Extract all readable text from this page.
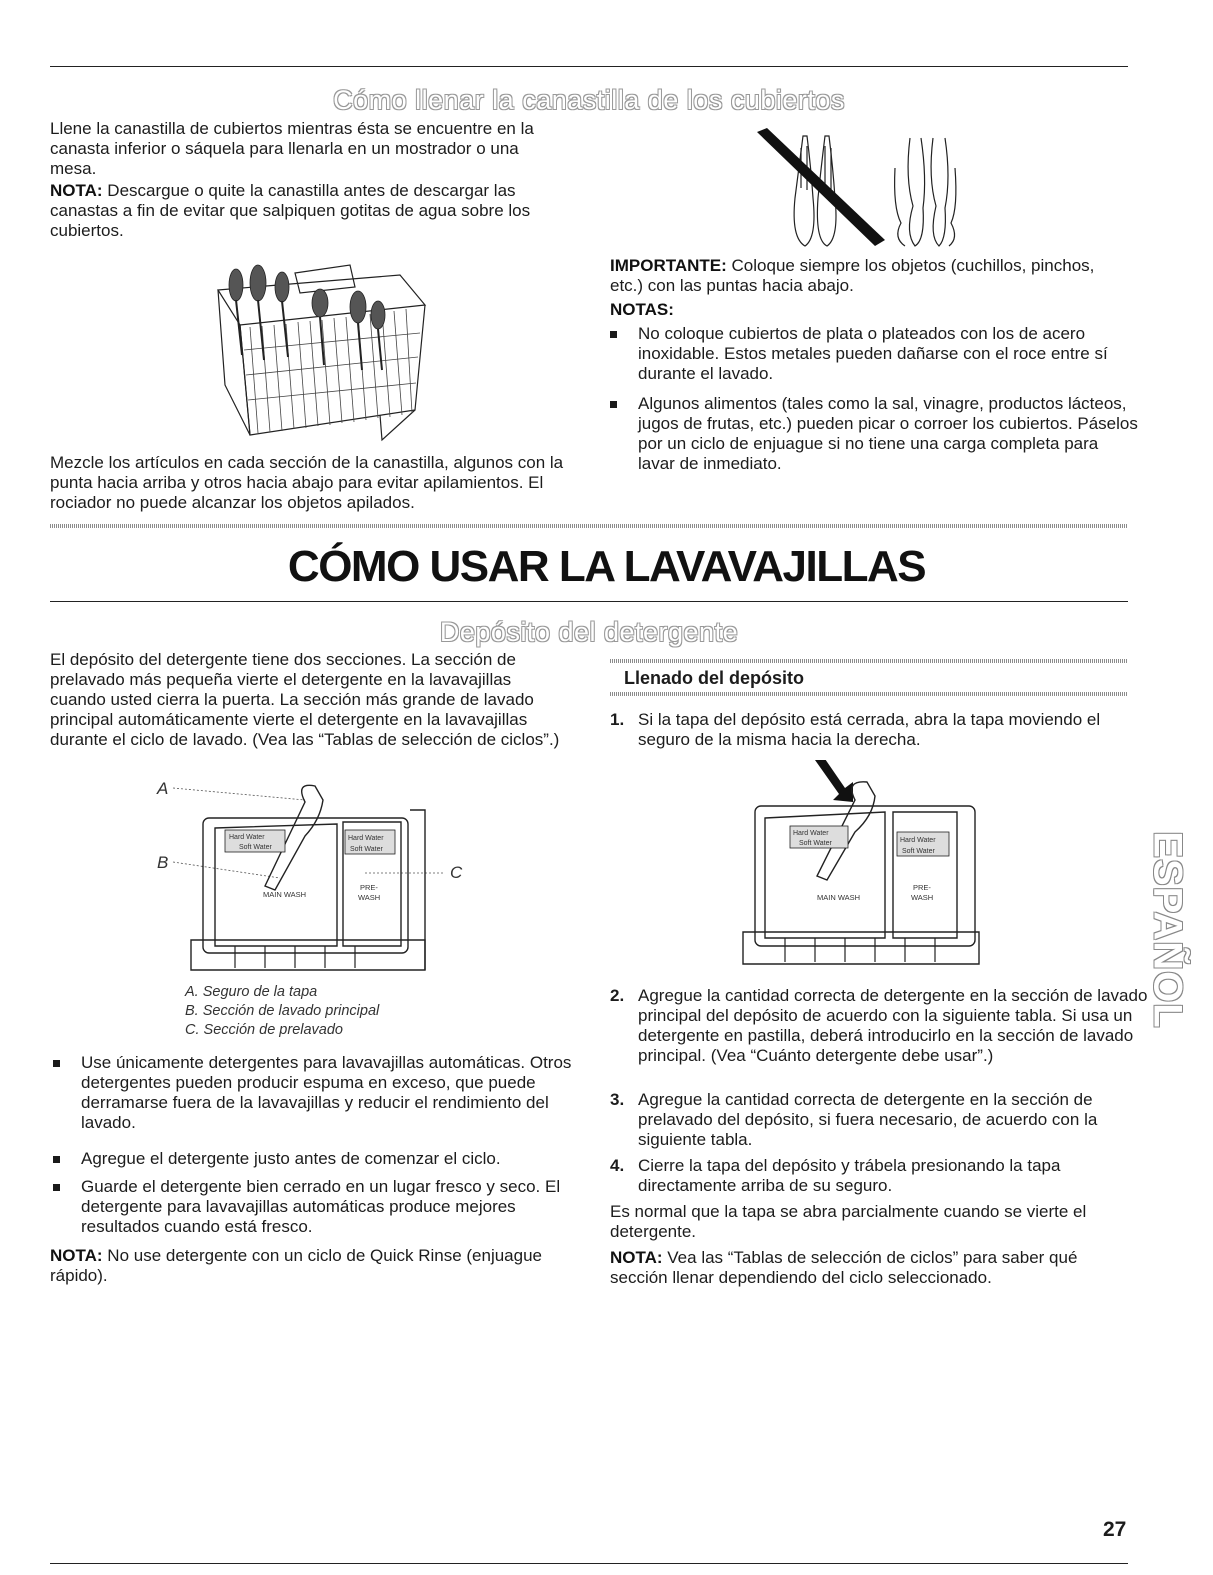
Cómo llenar la canastilla de los cubiertos

Llene la canastilla de cubiertos mientras ésta se encuentre en la canasta inferior o sáquela para llenarla en un mostrador o una mesa.

NOTA: Descargue o quite la canastilla antes de descargar las canastas a fin de evitar que salpiquen gotitas de agua sobre los cubiertos.

Mezcle los artículos en cada sección de la canastilla, algunos con la punta hacia arriba y otros hacia abajo para evitar apilamientos. El rociador no puede alcanzar los objetos apilados.

IMPORTANTE: Coloque siempre los objetos (cuchillos, pinchos, etc.) con las puntas hacia abajo.

NOTAS:

No coloque cubiertos de plata o plateados con los de acero inoxidable. Estos metales pueden dañarse con el roce entre sí durante el lavado.
Algunos alimentos (tales como la sal, vinagre, productos lácteos, jugos de frutas, etc.) pueden picar o corroer los cubiertos. Páselos por un ciclo de enjuague si no tiene una carga completa para lavar de inmediato.
CÓMO USAR LA LAVAVAJILLAS
Depósito del detergente

El depósito del detergente tiene dos secciones. La sección de prelavado más pequeña vierte el detergente en la lavavajillas cuando usted cierra la puerta. La sección más grande de lavado principal automáticamente vierte el detergente en la lavavajillas durante el ciclo de lavado. (Vea las “Tablas de selección de ciclos”.)

A
B
C
Hard Water
Soft Water
Hard Water
Soft Water
MAIN WASH
PRE-
WASH
A. Seguro de la tapa
B. Sección de lavado principal
C. Sección de prelavado
Use únicamente detergentes para lavavajillas automáticas. Otros detergentes pueden producir espuma en exceso, que puede derramarse fuera de la lavavajillas y reducir el rendimiento del lavado.
Agregue el detergente justo antes de comenzar el ciclo.
Guarde el detergente bien cerrado en un lugar fresco y seco. El detergente para lavavajillas automáticas produce mejores resultados cuando está fresco.

NOTA: No use detergente con un ciclo de Quick Rinse (enjuague rápido).

Llenado del depósito
1. Si la tapa del depósito está cerrada, abra la tapa moviendo el seguro de la misma hacia la derecha.
Hard Water
Soft Water	Hard Water
Soft Water
MAIN WASH
PRE-
WASH
2. Agregue la cantidad correcta de detergente en la sección de lavado principal del depósito de acuerdo con la siguiente tabla. Si usa un detergente en pastilla, deberá introducirlo en la sección de lavado principal. (Vea “Cuánto detergente debe usar”.)
3. Agregue la cantidad correcta de detergente en la sección de prelavado del depósito, si fuera necesario, de acuerdo con la siguiente tabla.
4. Cierre la tapa del depósito y trábela presionando la tapa directamente arriba de su seguro.

Es normal que la tapa se abra parcialmente cuando se vierte el detergente.

NOTA: Vea las “Tablas de selección de ciclos” para saber qué sección llenar dependiendo del ciclo seleccionado.

ESPAÑOL
27
